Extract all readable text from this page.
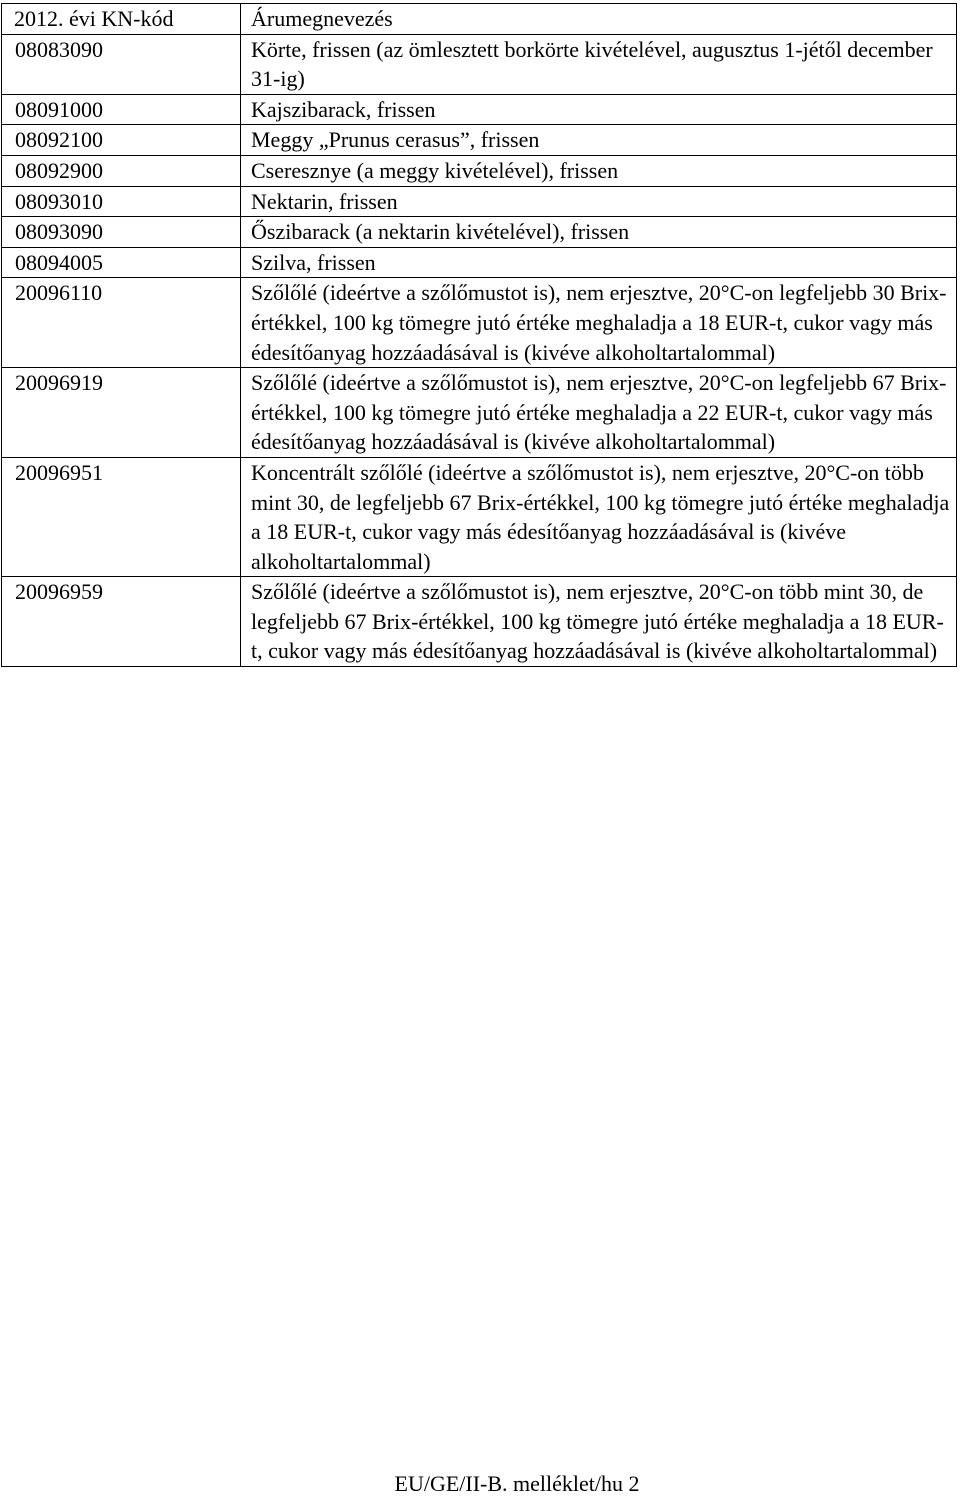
2012. évi KN-kód	Árumegnevezés
08083090	Körte, frissen (az ömlesztett borkörte kivételével, augusztus 1-jétől december 31-ig)
08091000	Kajszibarack, frissen
08092100	Meggy „Prunus cerasus”, frissen
08092900	Cseresznye (a meggy kivételével), frissen
08093010	Nektarin, frissen
08093090	Őszibarack (a nektarin kivételével), frissen
08094005	Szilva, frissen
20096110	Szőlőlé (ideértve a szőlőmustot is), nem erjesztve, 20°C-on legfeljebb 30 Brix-értékkel, 100 kg tömegre jutó értéke meghaladja a 18 EUR-t, cukor vagy más édesítőanyag hozzáadásával is (kivéve alkoholtartalommal)
20096919	Szőlőlé (ideértve a szőlőmustot is), nem erjesztve, 20°C-on legfeljebb 67 Brix-értékkel, 100 kg tömegre jutó értéke meghaladja a 22 EUR-t, cukor vagy más édesítőanyag hozzáadásával is (kivéve alkoholtartalommal)
20096951	Koncentrált szőlőlé (ideértve a szőlőmustot is), nem erjesztve, 20°C-on több mint 30, de legfeljebb 67 Brix-értékkel, 100 kg tömegre jutó értéke meghaladja a 18 EUR-t, cukor vagy más édesítőanyag hozzáadásával is (kivéve alkoholtartalommal)
20096959	Szőlőlé (ideértve a szőlőmustot is), nem erjesztve, 20°C-on több mint 30, de legfeljebb 67 Brix-értékkel, 100 kg tömegre jutó értéke meghaladja a 18 EUR-t, cukor vagy más édesítőanyag hozzáadásával is (kivéve alkoholtartalommal)
EU/GE/II-B. melléklet/hu 2
